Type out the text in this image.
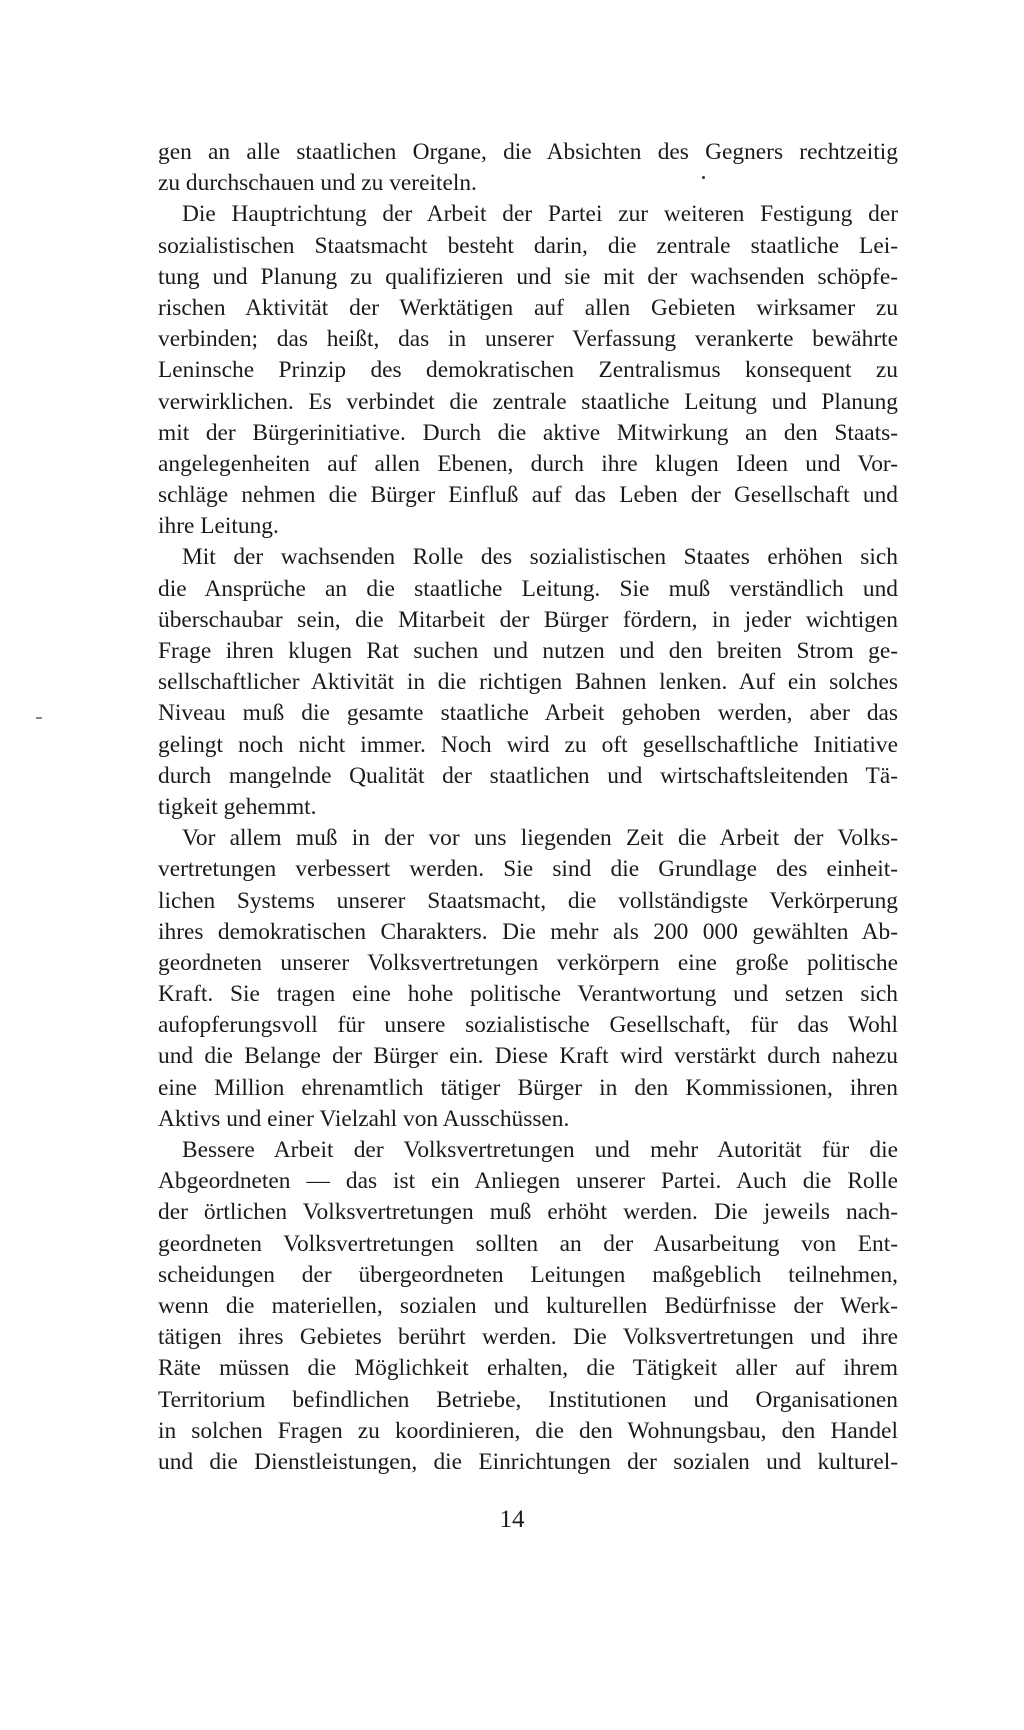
gen an alle staatlichen Organe, die Absichten des Gegners rechtzeitig
zu durchschauen und zu vereiteln.
Die Hauptrichtung der Arbeit der Partei zur weiteren Festigung der
sozialistischen Staatsmacht besteht darin, die zentrale staatliche Lei-
tung und Planung zu qualifizieren und sie mit der wachsenden schöpfe-
rischen Aktivität der Werktätigen auf allen Gebieten wirksamer zu
verbinden; das heißt, das in unserer Verfassung verankerte bewährte
Leninsche Prinzip des demokratischen Zentralismus konsequent zu
verwirklichen. Es verbindet die zentrale staatliche Leitung und Planung
mit der Bürgerinitiative. Durch die aktive Mitwirkung an den Staats-
angelegenheiten auf allen Ebenen, durch ihre klugen Ideen und Vor-
schläge nehmen die Bürger Einfluß auf das Leben der Gesellschaft und
ihre Leitung.
Mit der wachsenden Rolle des sozialistischen Staates erhöhen sich
die Ansprüche an die staatliche Leitung. Sie muß verständlich und
überschaubar sein, die Mitarbeit der Bürger fördern, in jeder wichtigen
Frage ihren klugen Rat suchen und nutzen und den breiten Strom ge-
sellschaftlicher Aktivität in die richtigen Bahnen lenken. Auf ein solches
Niveau muß die gesamte staatliche Arbeit gehoben werden, aber das
gelingt noch nicht immer. Noch wird zu oft gesellschaftliche Initiative
durch mangelnde Qualität der staatlichen und wirtschaftsleitenden Tä-
tigkeit gehemmt.
Vor allem muß in der vor uns liegenden Zeit die Arbeit der Volks-
vertretungen verbessert werden. Sie sind die Grundlage des einheit-
lichen Systems unserer Staatsmacht, die vollständigste Verkörperung
ihres demokratischen Charakters. Die mehr als 200 000 gewählten Ab-
geordneten unserer Volksvertretungen verkörpern eine große politische
Kraft. Sie tragen eine hohe politische Verantwortung und setzen sich
aufopferungsvoll für unsere sozialistische Gesellschaft, für das Wohl
und die Belange der Bürger ein. Diese Kraft wird verstärkt durch nahezu
eine Million ehrenamtlich tätiger Bürger in den Kommissionen, ihren
Aktivs und einer Vielzahl von Ausschüssen.
Bessere Arbeit der Volksvertretungen und mehr Autorität für die
Abgeordneten — das ist ein Anliegen unserer Partei. Auch die Rolle
der örtlichen Volksvertretungen muß erhöht werden. Die jeweils nach-
geordneten Volksvertretungen sollten an der Ausarbeitung von Ent-
scheidungen der übergeordneten Leitungen maßgeblich teilnehmen,
wenn die materiellen, sozialen und kulturellen Bedürfnisse der Werk-
tätigen ihres Gebietes berührt werden. Die Volksvertretungen und ihre
Räte müssen die Möglichkeit erhalten, die Tätigkeit aller auf ihrem
Territorium befindlichen Betriebe, Institutionen und Organisationen
in solchen Fragen zu koordinieren, die den Wohnungsbau, den Handel
und die Dienstleistungen, die Einrichtungen der sozialen und kulturel-
14
